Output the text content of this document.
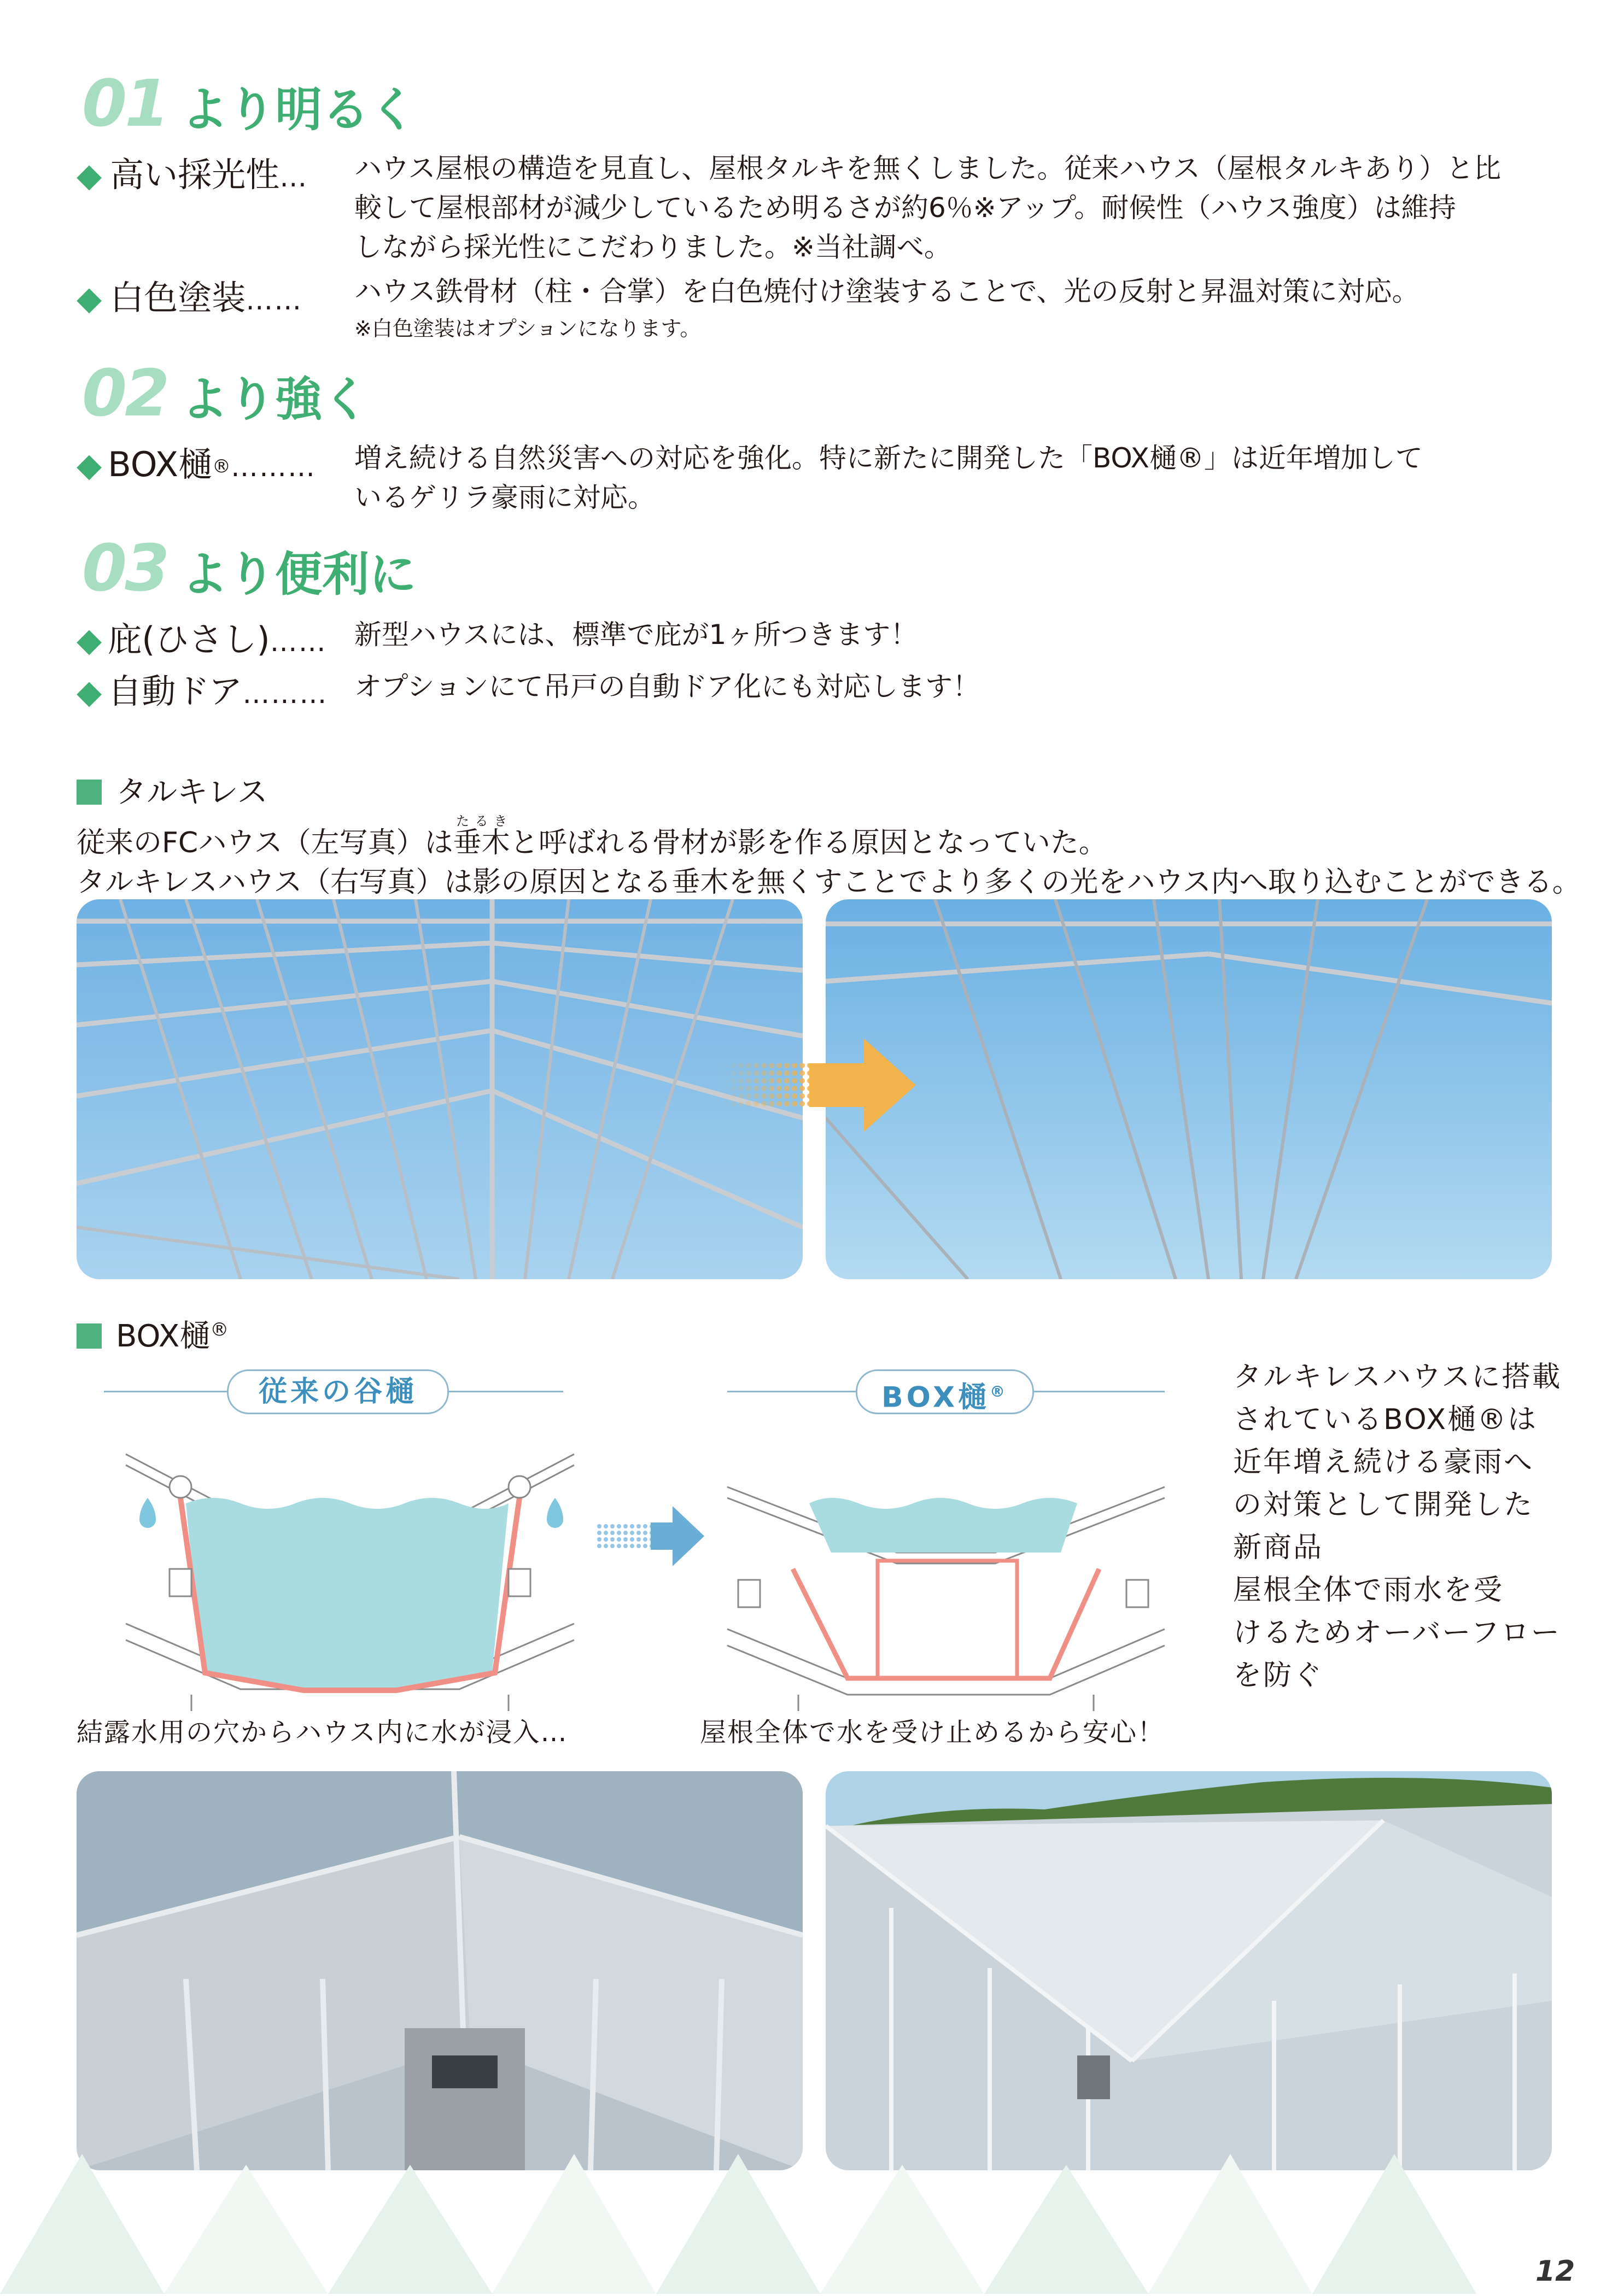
01 より明るく
◆ 高い採光性… ハウス屋根の構造を見直し、屋根タルキを無くしました。従来ハウス（屋根タルキあり）と比
較して屋根部材が減少しているため明るさが約6％※アップ。耐候性（ハウス強度）は維持
しながら採光性にこだわりました。※当社調べ。
◆ 白色塗装…… ハウス鉄骨材（柱・合掌）を白色焼付け塗装することで、光の反射と昇温対策に対応。
※白色塗装はオプションになります。
02 より強く
◆ BOX樋®……… 増え続ける自然災害への対応を強化。特に新たに開発した「BOX樋®」は近年増加して
いるゲリラ豪雨に対応。
03 より便利に
◆ 庇(ひさし)…… 新型ハウスには、標準で庇が1ヶ所つきます！
◆ 自動ドア……… オプションにて吊戸の自動ドア化にも対応します！
タルキレス
従来のFCハウス（左写真）は垂木たるきと呼ばれる骨材が影を作る原因となっていた。
タルキレスハウス（右写真）は影の原因となる垂木を無くすことでより多くの光をハウス内へ取り込むことができる。
BOX樋®
従来の谷樋	BOX樋®
結露水用の穴からハウス内に水が浸入…	屋根全体で水を受け止めるから安心！
タルキレスハウスに搭載
されているBOX樋®は
近年増え続ける豪雨へ
の対策として開発した
新商品
屋根全体で雨水を受
けるためオーバーフロー
を防ぐ
12
